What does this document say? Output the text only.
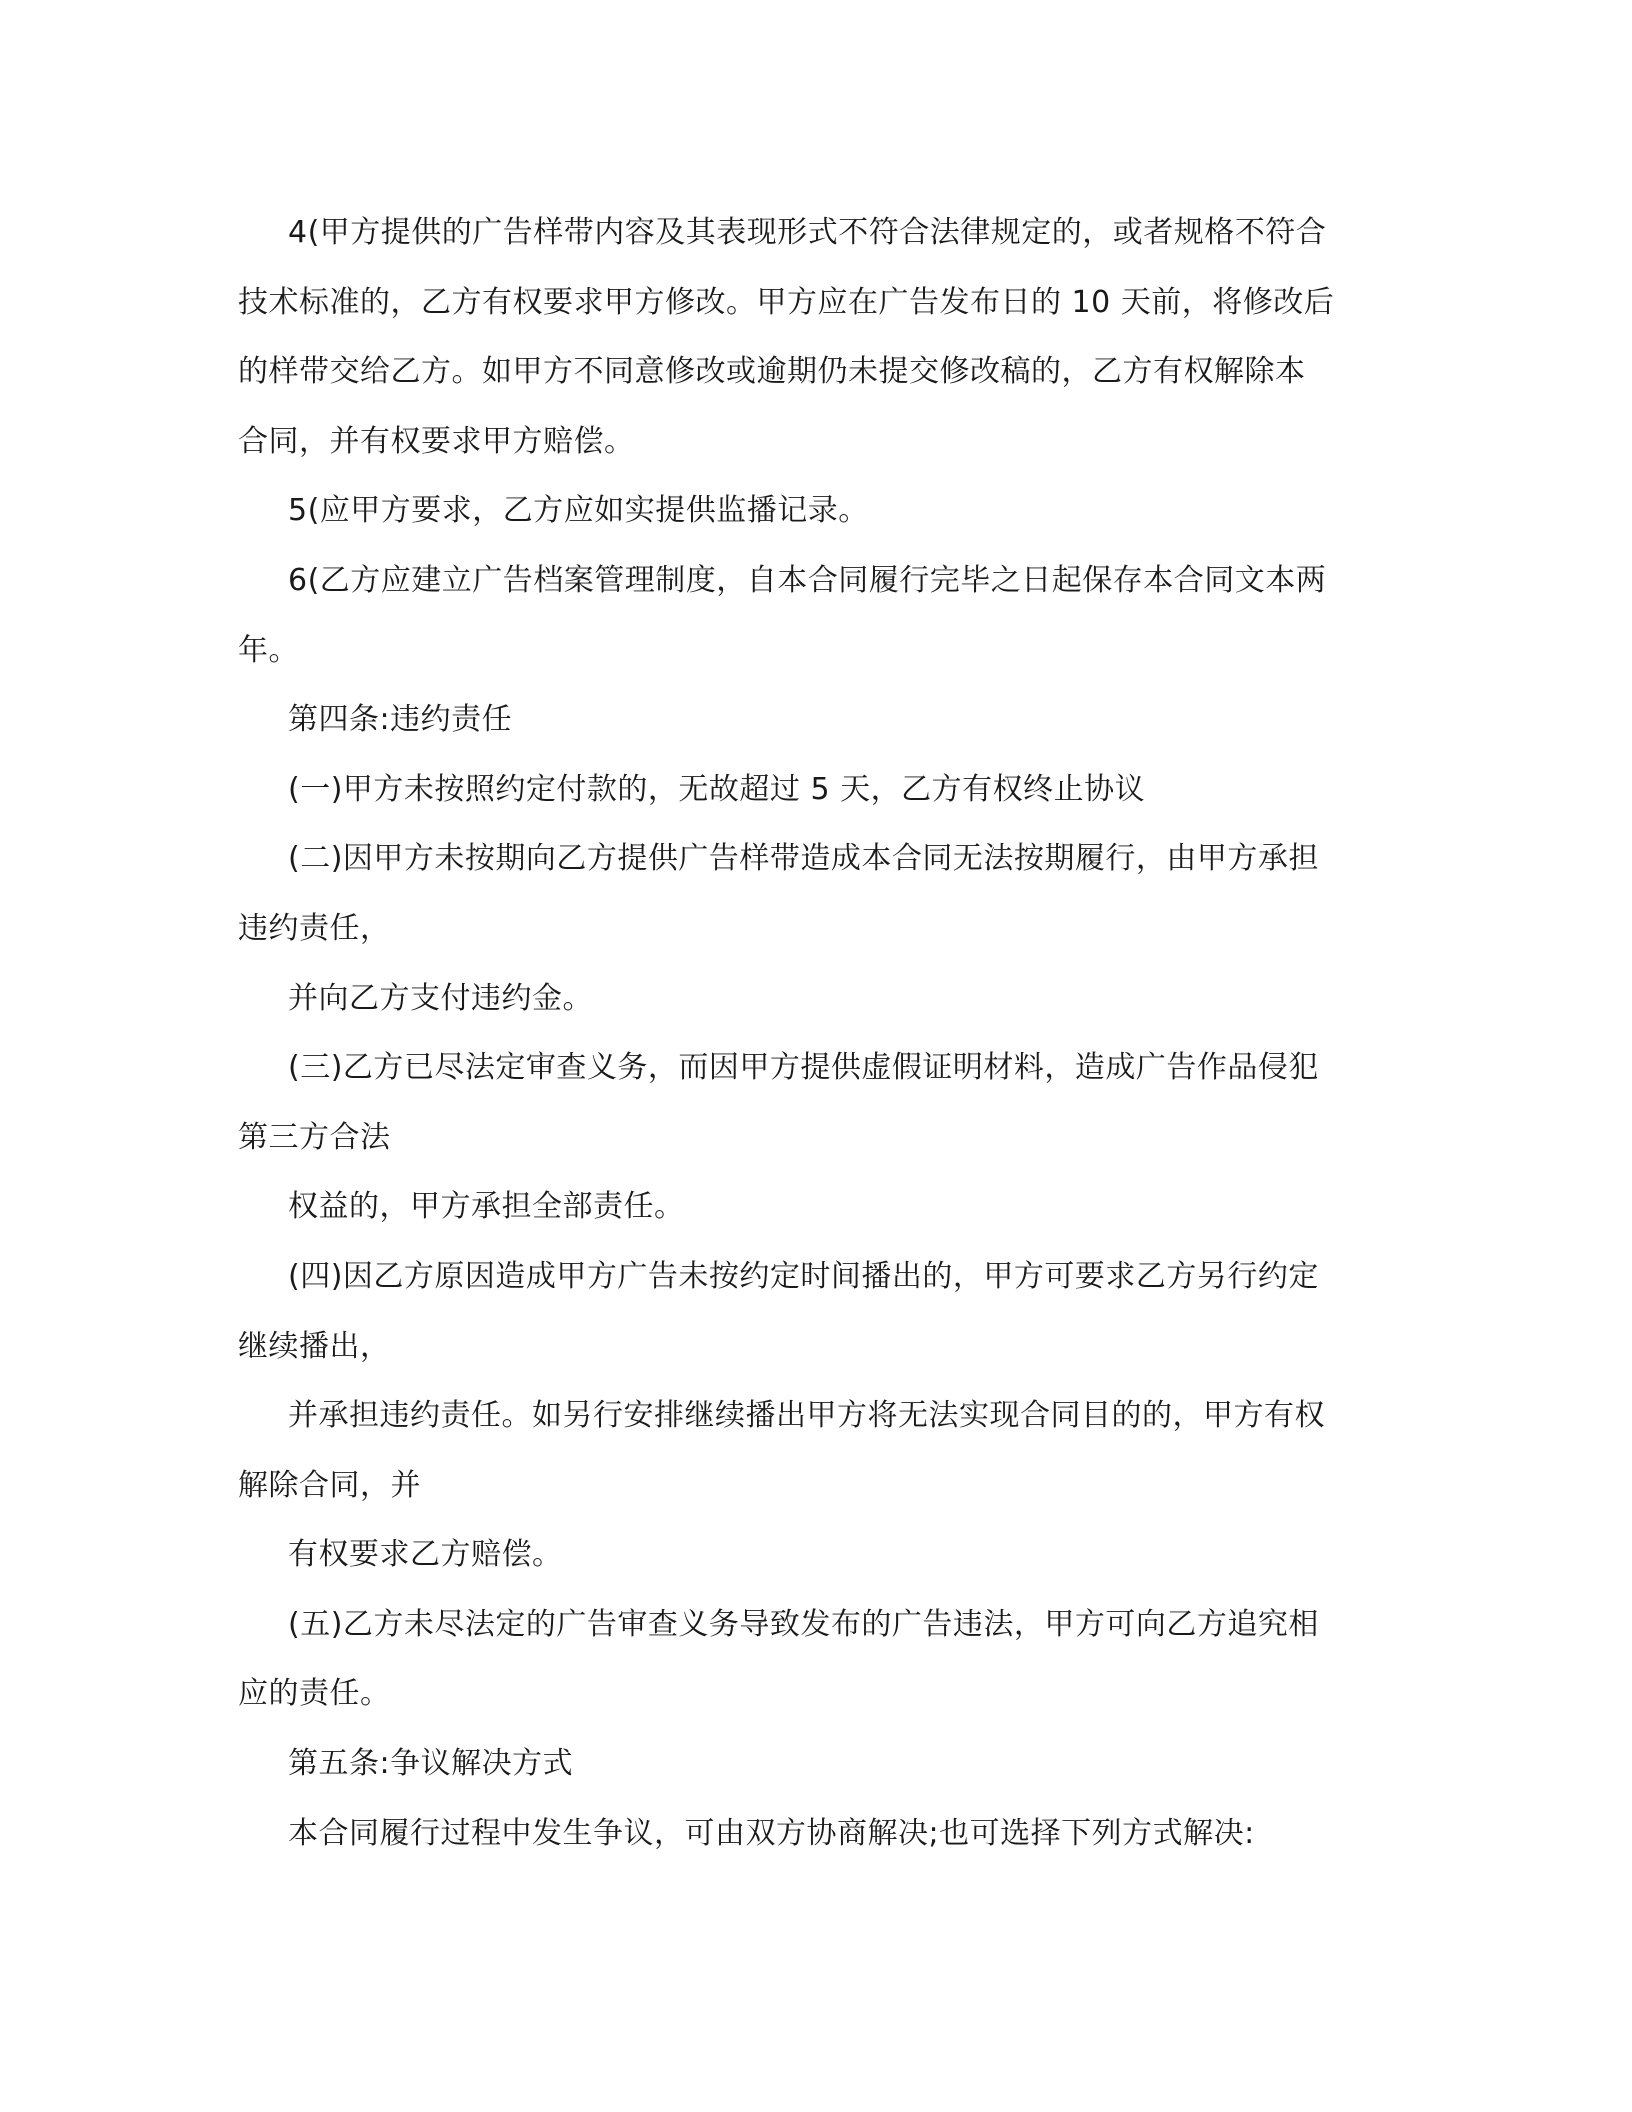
4(甲方提供的广告样带内容及其表现形式不符合法律规定的，或者规格不符合
技术标准的，乙方有权要求甲方修改。甲方应在广告发布日的 10 天前，将修改后
的样带交给乙方。如甲方不同意修改或逾期仍未提交修改稿的，乙方有权解除本
合同，并有权要求甲方赔偿。

5(应甲方要求，乙方应如实提供监播记录。

6(乙方应建立广告档案管理制度，自本合同履行完毕之日起保存本合同文本两
年。

第四条:违约责任

(一)甲方未按照约定付款的，无故超过 5 天，乙方有权终止协议

(二)因甲方未按期向乙方提供广告样带造成本合同无法按期履行，由甲方承担
违约责任，

并向乙方支付违约金。

(三)乙方已尽法定审查义务，而因甲方提供虚假证明材料，造成广告作品侵犯
第三方合法

权益的，甲方承担全部责任。

(四)因乙方原因造成甲方广告未按约定时间播出的，甲方可要求乙方另行约定
继续播出，

并承担违约责任。如另行安排继续播出甲方将无法实现合同目的的，甲方有权
解除合同，并

有权要求乙方赔偿。

(五)乙方未尽法定的广告审查义务导致发布的广告违法，甲方可向乙方追究相
应的责任。

第五条:争议解决方式

本合同履行过程中发生争议，可由双方协商解决;也可选择下列方式解决:
